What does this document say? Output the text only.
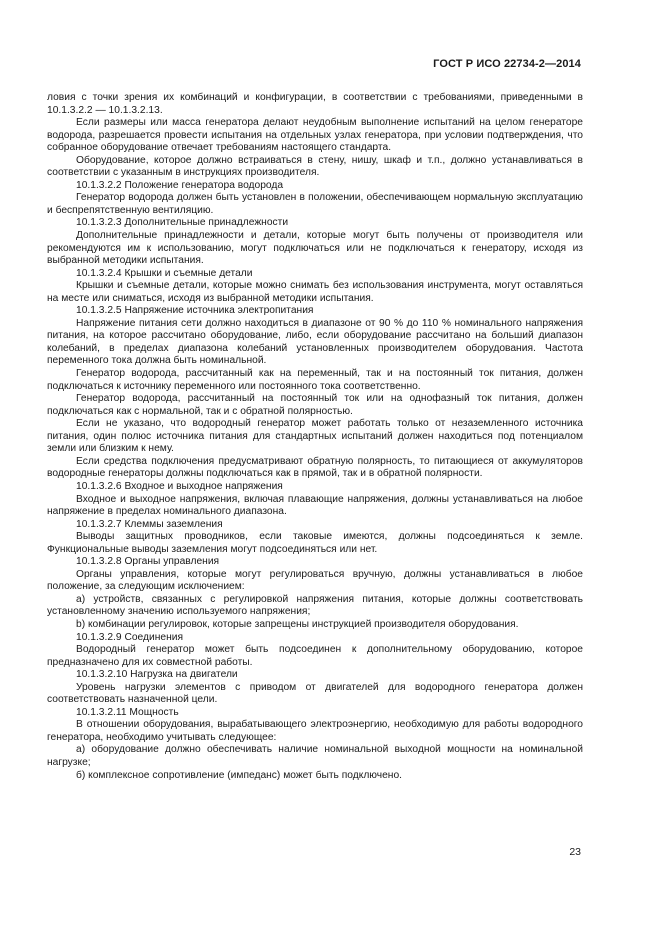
ГОСТ Р ИСО 22734-2—2014

ловия с точки зрения их комбинаций и конфигурации, в соответствии с требованиями, приведенными в 10.1.3.2.2 — 10.1.3.2.13.

Если размеры или масса генератора делают неудобным выполнение испытаний на целом генераторе водорода, разрешается провести испытания на отдельных узлах генератора, при условии подтверждения, что собранное оборудование отвечает требованиям настоящего стандарта.

Оборудование, которое должно встраиваться в стену, нишу, шкаф и т.п., должно устанавливаться в соответствии с указанным в инструкциях производителя.

10.1.3.2.2 Положение генератора водорода

Генератор водорода должен быть установлен в положении, обеспечивающем нормальную эксплуатацию и беспрепятственную вентиляцию.

10.1.3.2.3 Дополнительные принадлежности

Дополнительные принадлежности и детали, которые могут быть получены от производителя или рекомендуются им к использованию, могут подключаться или не подключаться к генератору, исходя из выбранной методики испытания.

10.1.3.2.4 Крышки и съемные детали

Крышки и съемные детали, которые можно снимать без использования инструмента, могут оставляться на месте или сниматься, исходя из выбранной методики испытания.

10.1.3.2.5 Напряжение источника электропитания

Напряжение питания сети должно находиться в диапазоне от 90 % до 110 % номинального напряжения питания, на которое рассчитано оборудование, либо, если оборудование рассчитано на больший диапазон колебаний, в пределах диапазона колебаний установленных производителем оборудования. Частота переменного тока должна быть номинальной.

Генератор водорода, рассчитанный как на переменный, так и на постоянный ток питания, должен подключаться к источнику переменного или постоянного тока соответственно.

Генератор водорода, рассчитанный на постоянный ток или на однофазный ток питания, должен подключаться как с нормальной, так и с обратной полярностью.

Если не указано, что водородный генератор может работать только от незаземленного источника питания, один полюс источника питания для стандартных испытаний должен находиться под потенциалом земли или близким к нему.

Если средства подключения предусматривают обратную полярность, то питающиеся от аккумуляторов водородные генераторы должны подключаться как в прямой, так и в обратной полярности.

10.1.3.2.6 Входное и выходное напряжения

Входное и выходное напряжения, включая плавающие напряжения, должны устанавливаться на любое напряжение в пределах номинального диапазона.

10.1.3.2.7 Клеммы заземления

Выводы защитных проводников, если таковые имеются, должны подсоединяться к земле. Функциональные выводы заземления могут подсоединяться или нет.

10.1.3.2.8 Органы управления

Органы управления, которые могут регулироваться вручную, должны устанавливаться в любое положение, за следующим исключением:

а) устройств, связанных с регулировкой напряжения питания, которые должны соответствовать установленному значению используемого напряжения;

b) комбинации регулировок, которые запрещены инструкцией производителя оборудования.

10.1.3.2.9 Соединения

Водородный генератор может быть подсоединен к дополнительному оборудованию, которое предназначено для их совместной работы.

10.1.3.2.10 Нагрузка на двигатели

Уровень нагрузки элементов с приводом от двигателей для водородного генератора должен соответствовать назначенной цели.

10.1.3.2.11 Мощность

В отношении оборудования, вырабатывающего электроэнергию, необходимую для работы водородного генератора, необходимо учитывать следующее:

а) оборудование должно обеспечивать наличие номинальной выходной мощности на номинальной нагрузке;

б) комплексное сопротивление (импеданс) может быть подключено.

23
